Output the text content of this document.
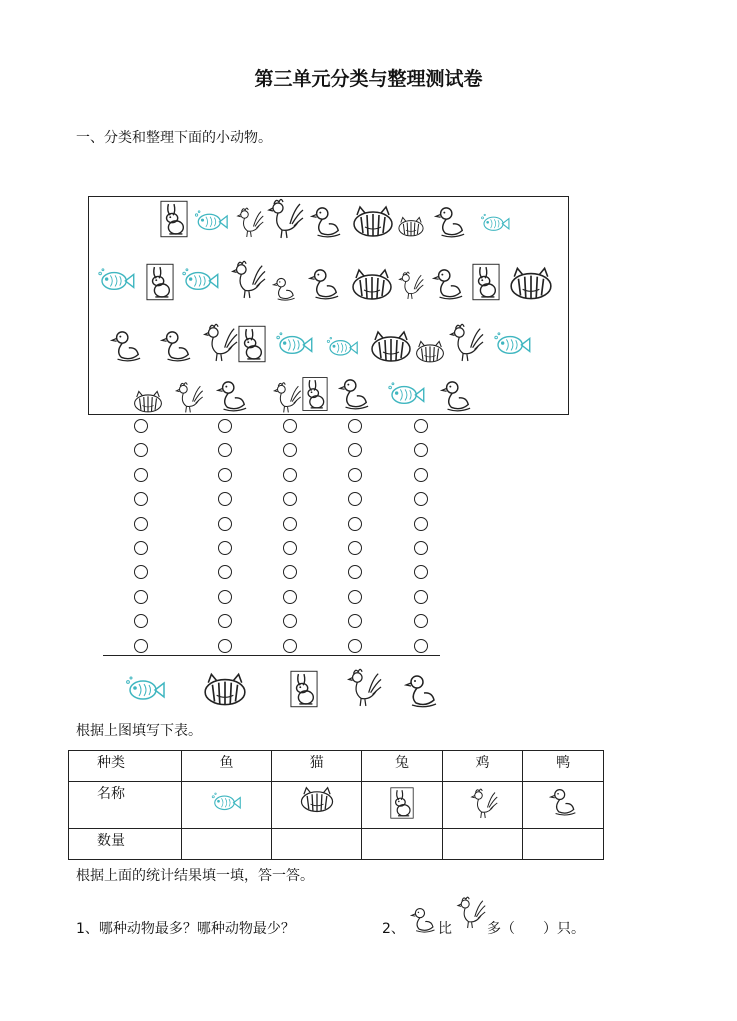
第三单元分类与整理测试卷
一、分类和整理下面的小动物。
根据上图填写下表。
种类	鱼	猫	兔	鸡	鸭
名称					
数量					
根据上面的统计结果填一填，答一答。
1、哪种动物最多？哪种动物最少？	2、 比	多（　　）只。
